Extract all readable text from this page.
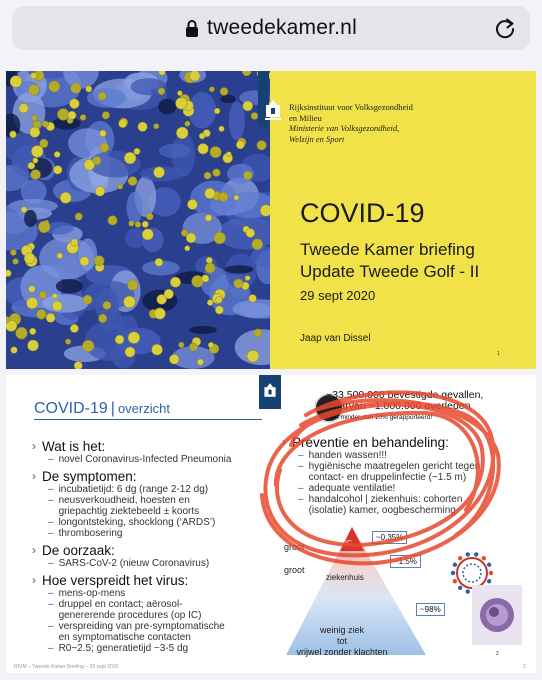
tweedekamer.nl
Rijksinstituut voor Volksgezondheid
en Milieu
Ministerie van Volksgezondheid,
Welzijn en Sport
COVID-19
Tweede Kamer briefing
Update Tweede Golf - II
29 sept 2020
Jaap van Dissel
1
COVID-19 | overzicht
› Wat is het:
– novel Coronavirus-Infected Pneumonia
› De symptomen:
– incubatietijd: 6 dg (range 2-12 dg)
– neusverkoudheid, hoesten en
griepachtig ziektebeeld ± koorts
– longontsteking, shocklong (‘ARDS’)
– thrombosering
› De oorzaak:
– SARS-CoV-2 (nieuw Coronavirus)
› Hoe verspreidt het virus:
– mens-op-mens
– druppel en contact; aërosol-
genererende procedures (op IC)
– verspreiding van pre-symptomatische
en symptomatische contacten
– R0~2.5; generatietijd ~3-5 dg
~33.500.000 bevestigde gevallen,
waarvan ~1.000.000 overleden
– en minder dan 10% gerapporteerd!
› Preventie en behandeling:
– handen wassen!!!
– hygiënische maatregelen gericht tegen
contact- en druppelinfectie (~1.5 m)
– adequate ventilatie!
– handalcohol | ziekenhuis: cohorten
(isolatie) kamer, oogbescherming
IC
groot
groot
ziekenhuis
~0.35%
~1.5%
~98%
weinig ziek
tot
vrijwel zonder klachten	2
RIVM – Tweede Kamer Briefing – 29 sept 2020	2
